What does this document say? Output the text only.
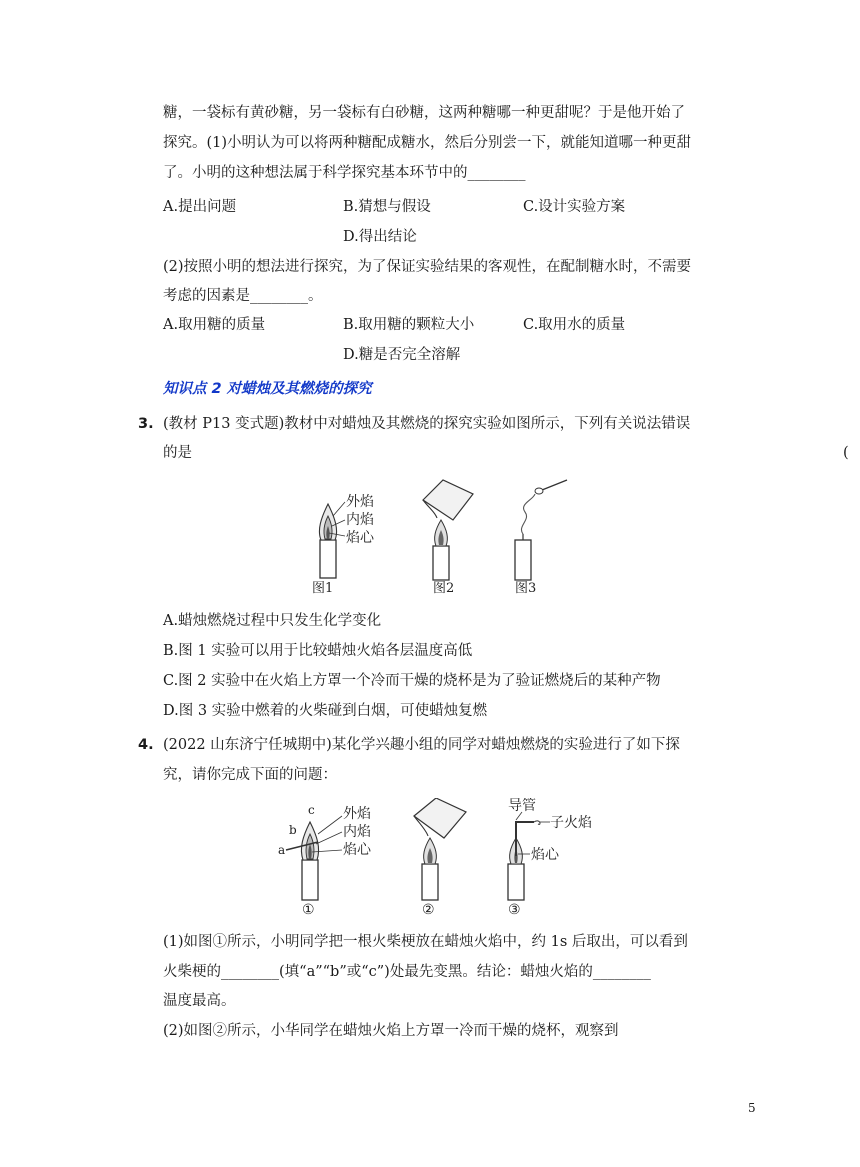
糖，一袋标有黄砂糖，另一袋标有白砂糖，这两种糖哪一种更甜呢？于是他开始了
探究。(1)小明认为可以将两种糖配成糖水，然后分别尝一下，就能知道哪一种更甜
了。小明的这种想法属于科学探究基本环节中的________
A.提出问题	B.猜想与假设	C.设计实验方案
D.得出结论
(2)按照小明的想法进行探究，为了保证实验结果的客观性，在配制糖水时，不需要
考虑的因素是________。
A.取用糖的质量	B.取用糖的颗粒大小	C.取用水的质量
D.糖是否完全溶解
知识点 2 对蜡烛及其燃烧的探究
3. (教材 P13 变式题)教材中对蜡烛及其燃烧的探究实验如图所示，下列有关说法错误
的是	(
外焰
内焰
焰心
图1	图2	图3
A.蜡烛燃烧过程中只发生化学变化
B.图 1 实验可以用于比较蜡烛火焰各层温度高低
C.图 2 实验中在火焰上方罩一个冷而干燥的烧杯是为了验证燃烧后的某种产物
D.图 3 实验中燃着的火柴碰到白烟，可使蜡烛复燃
4. (2022 山东济宁任城期中)某化学兴趣小组的同学对蜡烛燃烧的实验进行了如下探
究，请你完成下面的问题：
c
b
a
外焰
内焰
焰心
①	②
导管
子火焰
焰心
③
(1)如图①所示，小明同学把一根火柴梗放在蜡烛火焰中，约 1s 后取出，可以看到
火柴梗的________(填“a”“b”或“c”)处最先变黑。结论：蜡烛火焰的________
温度最高。
(2)如图②所示，小华同学在蜡烛火焰上方罩一冷而干燥的烧杯，观察到
5
